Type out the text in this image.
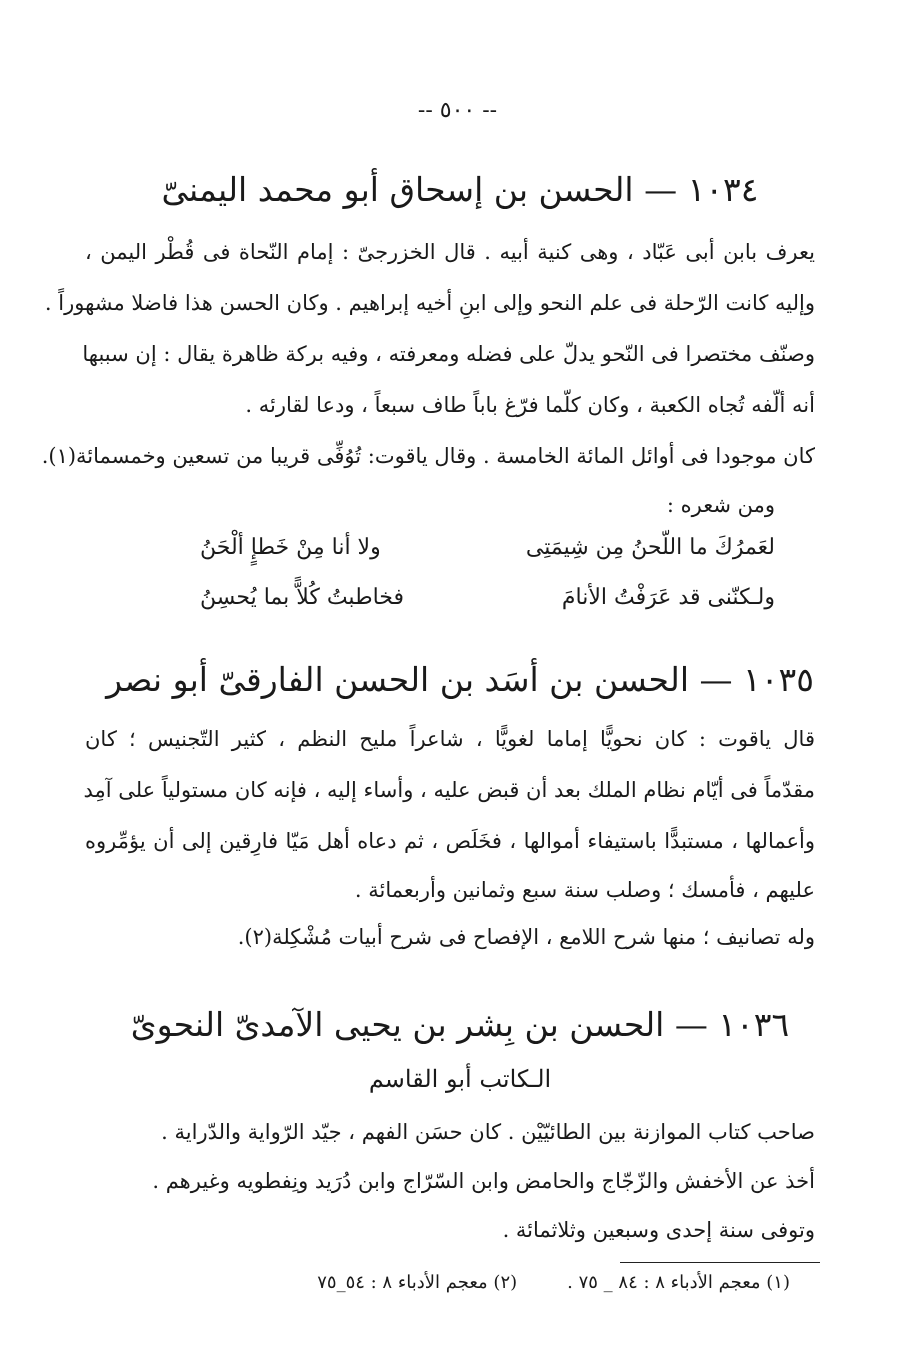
-- ٥٠٠ --
١٠٣٤ — الحسن بن إسحاق أبو محمد اليمنىّ
يعرف بابن أبى عَبّاد ، وهى كنية أبيه . قال الخزرجىّ : إمام النّحاة فى قُطْر اليمن ،
وإليه كانت الرّحلة فى علم النحو وإلى ابنِ أخيه إبراهيم . وكان الحسن هذا فاضلا مشهوراً .
وصنّف مختصرا فى النّحو يدلّ على فضله ومعرفته ، وفيه بركة ظاهرة يقال : إن سببها
أنه ألّفه تُجاه الكعبة ، وكان كلّما فرّغ باباً طاف سبعاً ، ودعا لقارئه .
كان موجودا فى أوائل المائة الخامسة . وقال ياقوت: تُوُفِّى قريبا من تسعين وخمسمائة(١).
ومن شعره :
لعَمرُكَ ما اللّحنُ مِن شِيمَتِى
ولا أنا مِنْ خَطإٍ ألْحَنُ
ولـكنّنى قد عَرَفْتُ الأنامَ
فخاطبتُ كُلاًّ بما يُحسِنُ
١٠٣٥ — الحسن بن أسَد بن الحسن الفارقىّ أبو نصر
قال ياقوت : كان نحويًّا إماما لغويًّا ، شاعراً مليح النظم ، كثير التّجنيس ؛ كان
مقدّماً فى أيّام نظام الملك بعد أن قبض عليه ، وأساء إليه ، فإنه كان مستولياً على آمِد
وأعمالها ، مستبدًّا باستيفاء أموالها ، فخَلَص ، ثم دعاه أهل مَيّا فارِقين إلى أن يؤمِّروه
عليهم ، فأمسك ؛ وصلب سنة سبع وثمانين وأربعمائة .
وله تصانيف ؛ منها شرح اللامع ، الإفصاح فى شرح أبيات مُشْكِلة(٢).
١٠٣٦ — الحسن بن بِشر بن يحيى الآمدىّ النحوىّ
الـكاتب أبو القاسم
صاحب كتاب الموازنة بين الطائيّيْن . كان حسَن الفهم ، جيّد الرّواية والدّراية .
أخذ عن الأخفش والزّجّاج والحامض وابن السّرّاج وابن دُرَيد ونِفطويه وغيرهم .
وتوفى سنة إحدى وسبعين وثلاثمائة .
(١) معجم الأدباء ٨ : ٨٤ _ ٧٥ .
(٢) معجم الأدباء ٨ : ٥٤_٧٥
